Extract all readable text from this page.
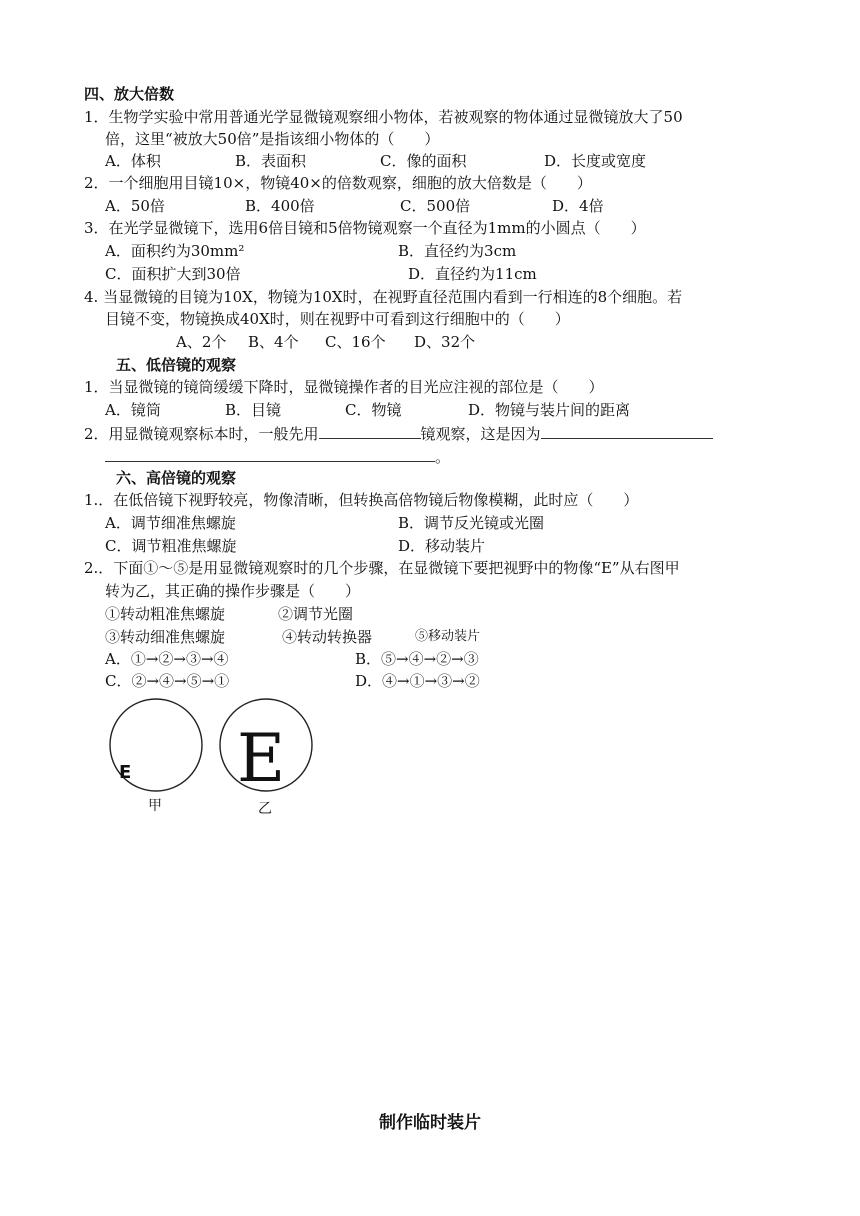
四、放大倍数
1．生物学实验中常用普通光学显微镜观察细小物体，若被观察的物体通过显微镜放大了50
倍，这里“被放大50倍”是指该细小物体的（　　）
A．体积	B．表面积	C．像的面积	D．长度或宽度
2．一个细胞用目镜10×，物镜40×的倍数观察，细胞的放大倍数是（　　）
A．50倍	B．400倍	C．500倍	D．4倍
3．在光学显微镜下，选用6倍目镜和5倍物镜观察一个直径为1mm的小圆点（　　）
A．面积约为30mm²	B．直径约为3cm
C．面积扩大到30倍	D．直径约为11cm
4. 当显微镜的目镜为10X，物镜为10X时，在视野直径范围内看到一行相连的8个细胞。若
目镜不变，物镜换成40X时，则在视野中可看到这行细胞中的（　　）
A、2个 B、4个 C、16个 D、32个
五、低倍镜的观察
1．当显微镜的镜筒缓缓下降时，显微镜操作者的目光应注视的部位是（　　）
A．镜筒	B．目镜	C．物镜	D．物镜与装片间的距离
2．用显微镜观察标本时，一般先用	镜观察，这是因为
。
六、高倍镜的观察
1.．在低倍镜下视野较亮，物像清晰，但转换高倍物镜后物像模糊，此时应（　　）
A．调节细准焦螺旋	B．调节反光镜或光圈
C．调节粗准焦螺旋	D．移动装片
2.．下面①～⑤是用显微镜观察时的几个步骤，在显微镜下要把视野中的物像“E”从右图甲
转为乙，其正确的操作步骤是（　　）
①转动粗准焦螺旋	②调节光圈
③转动细准焦螺旋	④转动转换器	⑤移动装片
A．①→②→③→④	B．⑤→④→②→③
C．②→④→⑤→①	D．④→①→③→②
E E
甲	乙
制作临时装片
